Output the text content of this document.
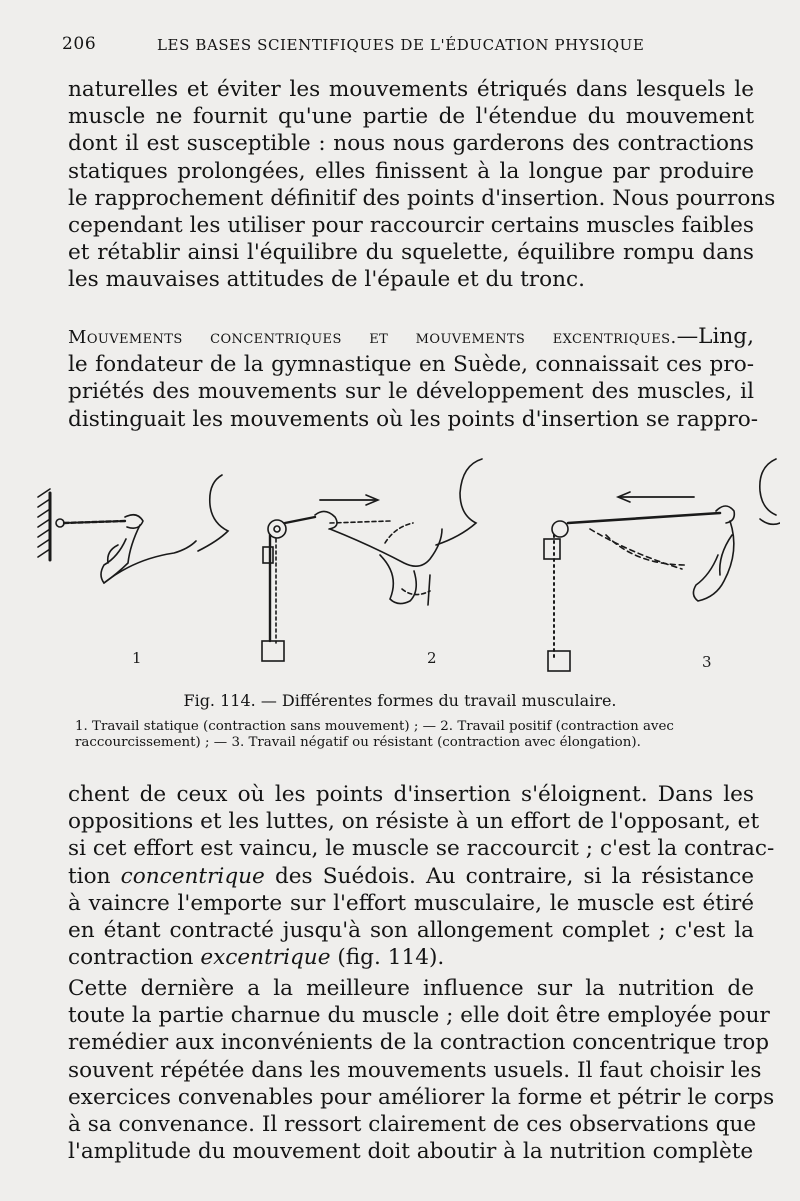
206	LES BASES SCIENTIFIQUES DE L'ÉDUCATION PHYSIQUE
naturelles et éviter les mouvements étriqués dans lesquels le
muscle ne fournit qu'une partie de l'étendue du mouvement
dont il est susceptible : nous nous garderons des contractions
statiques prolongées, elles finissent à la longue par produire
le rapprochement définitif des points d'insertion. Nous pourrons
cependant les utiliser pour raccourcir certains muscles faibles
et rétablir ainsi l'équilibre du squelette, équilibre rompu dans
les mauvaises attitudes de l'épaule et du tronc.
Mouvements concentriques et mouvements excentriques.—Ling,
le fondateur de la gymnastique en Suède, connaissait ces pro-
priétés des mouvements sur le développement des muscles, il
distinguait les mouvements où les points d'insertion se rappro-
1	2	3
Fig. 114. — Différentes formes du travail musculaire.
1. Travail statique (contraction sans mouvement) ; — 2. Travail positif (contraction avec
raccourcissement) ; — 3. Travail négatif ou résistant (contraction avec élongation).
chent de ceux où les points d'insertion s'éloignent. Dans les
oppositions et les luttes, on résiste à un effort de l'opposant, et
si cet effort est vaincu, le muscle se raccourcit ; c'est la contrac-
tion concentrique des Suédois. Au contraire, si la résistance
à vaincre l'emporte sur l'effort musculaire, le muscle est étiré
en étant contracté jusqu'à son allongement complet ; c'est la
contraction excentrique (fig. 114).
Cette dernière a la meilleure influence sur la nutrition de
toute la partie charnue du muscle ; elle doit être employée pour
remédier aux inconvénients de la contraction concentrique trop
souvent répétée dans les mouvements usuels. Il faut choisir les
exercices convenables pour améliorer la forme et pétrir le corps
à sa convenance. Il ressort clairement de ces observations que
l'amplitude du mouvement doit aboutir à la nutrition complète
